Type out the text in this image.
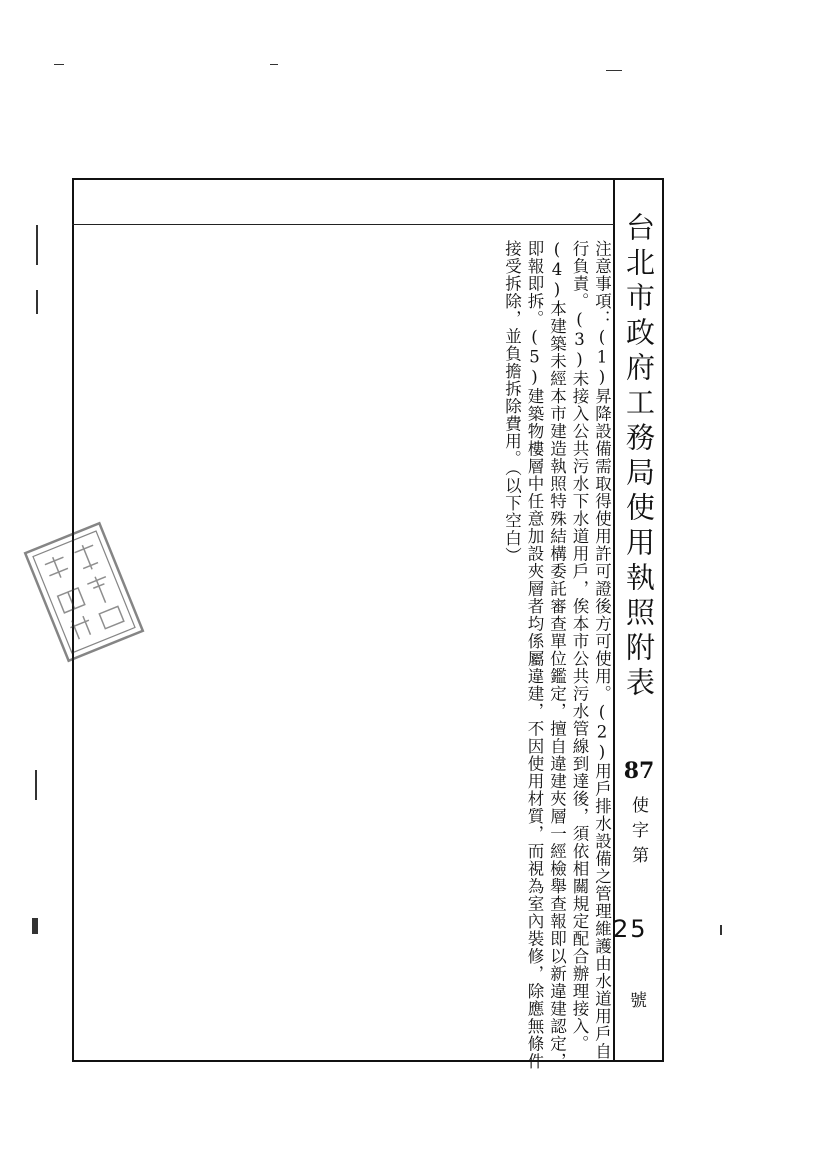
台北市政府工務局使用執照附表
87
使字第
25
號
注意事項：(1)昇降設備需取得使用許可證後方可使用。(2)用戶排水設備之管理維護由水道用戶自行負責。(3)未接入公共污水下水道用戶，俟本市公共污水管線到達後，須依相關規定配合辦理接入。(4)本建築未經本市建造執照特殊結構委託審查單位鑑定，擅自違建夾層一經檢舉查報即以新違建認定，即報即拆。(5)建築物樓層中任意加設夾層者均係屬違建，不因使用材質，而視為室內裝修，除應無條件接受拆除，並負擔拆除費用。（以下空白）
